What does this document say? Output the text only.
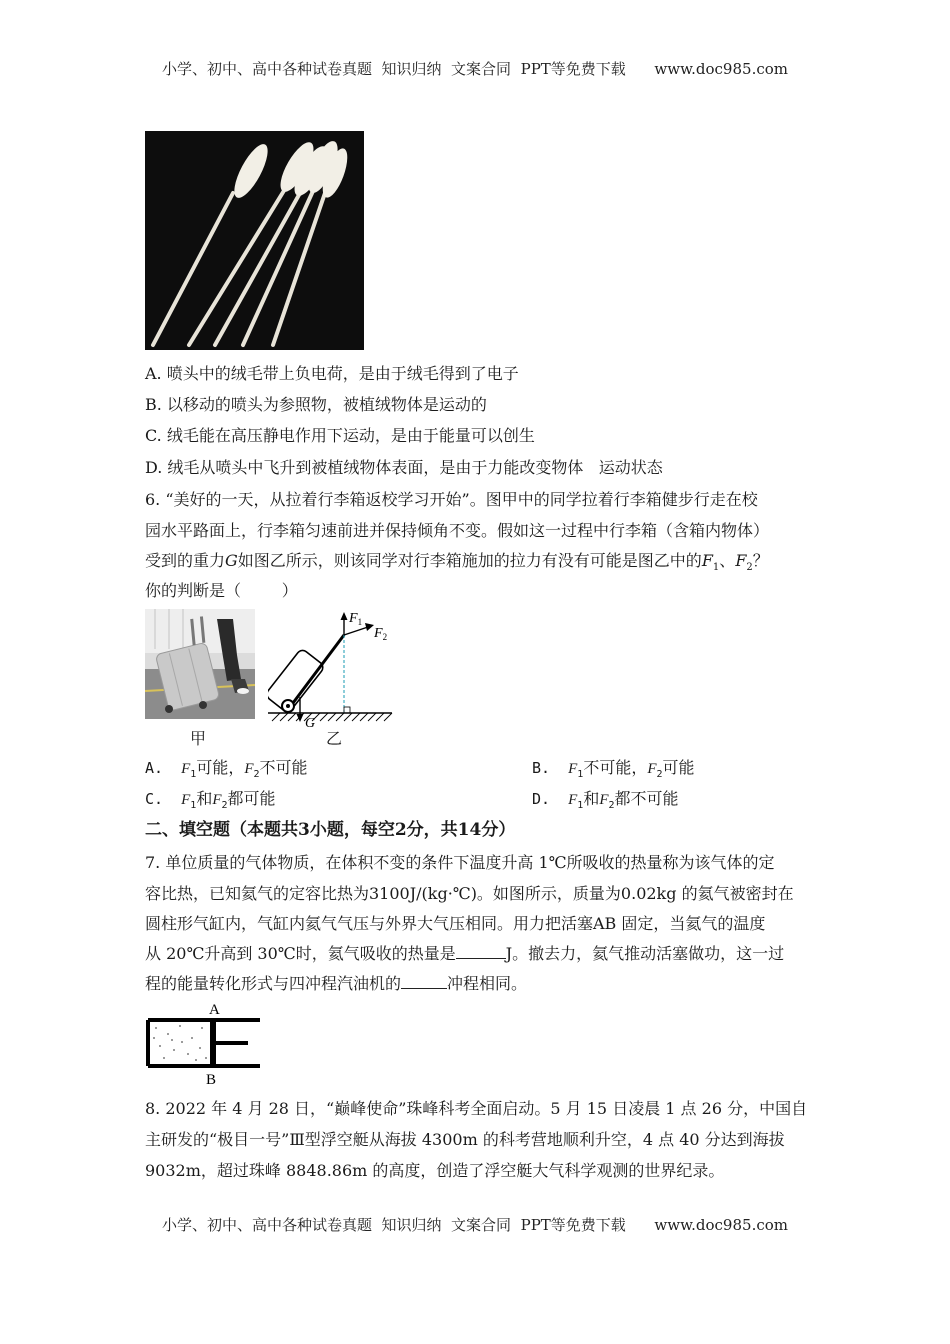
小学、初中、高中各种试卷真题  知识归纳  文案合同  PPT等免费下载      www.doc985.com
A. 喷头中的绒毛带上负电荷，是由于绒毛得到了电子
B. 以移动的喷头为参照物，被植绒物体是运动的
C. 绒毛能在高压静电作用下运动，是由于能量可以创生
D. 绒毛从喷头中飞升到被植绒物体表面，是由于力能改变物体   运动状态
6. “美好的一天，从拉着行李箱返校学习开始”。图甲中的同学拉着行李箱健步行走在校
园水平路面上，行李箱匀速前进并保持倾角不变。假如这一过程中行李箱（含箱内物体）
受到的重力G如图乙所示，则该同学对行李箱施加的拉力有没有可能是图乙中的$F_1$、$F_2$？
你的判断是（        ）
甲
$F_1$
$F_2$
G
乙
A.  $F_1$可能，$F_2$不可能	B.  $F_1$不可能，$F_2$可能
C.  $F_1$和$F_2$都可能	D.  $F_1$和$F_2$都不可能
二、填空题（本题共3小题，每空2分，共14分）
7. 单位质量的气体物质，在体积不变的条件下温度升高 1℃所吸收的热量称为该气体的定
容比热，已知氦气的定容比热为3100J/(kg·℃)。如图所示，质量为0.02kg 的氦气被密封在
圆柱形气缸内，气缸内氦气气压与外界大气压相同。用力把活塞AB 固定，当氦气的温度
从 20℃升高到 30℃时，氦气吸收的热量是	J。撤去力，氦气推动活塞做功，这一过
程的能量转化形式与四冲程汽油机的	冲程相同。
A
B
8. 2022 年 4 月 28 日，“巅峰使命”珠峰科考全面启动。5 月 15 日凌晨 1 点 26 分，中国自
主研发的“极目一号”Ⅲ型浮空艇从海拔 4300m 的科考营地顺利升空，4 点 40 分达到海拔
9032m，超过珠峰 8848.86m 的高度，创造了浮空艇大气科学观测的世界纪录。
小学、初中、高中各种试卷真题  知识归纳  文案合同  PPT等免费下载      www.doc985.com
